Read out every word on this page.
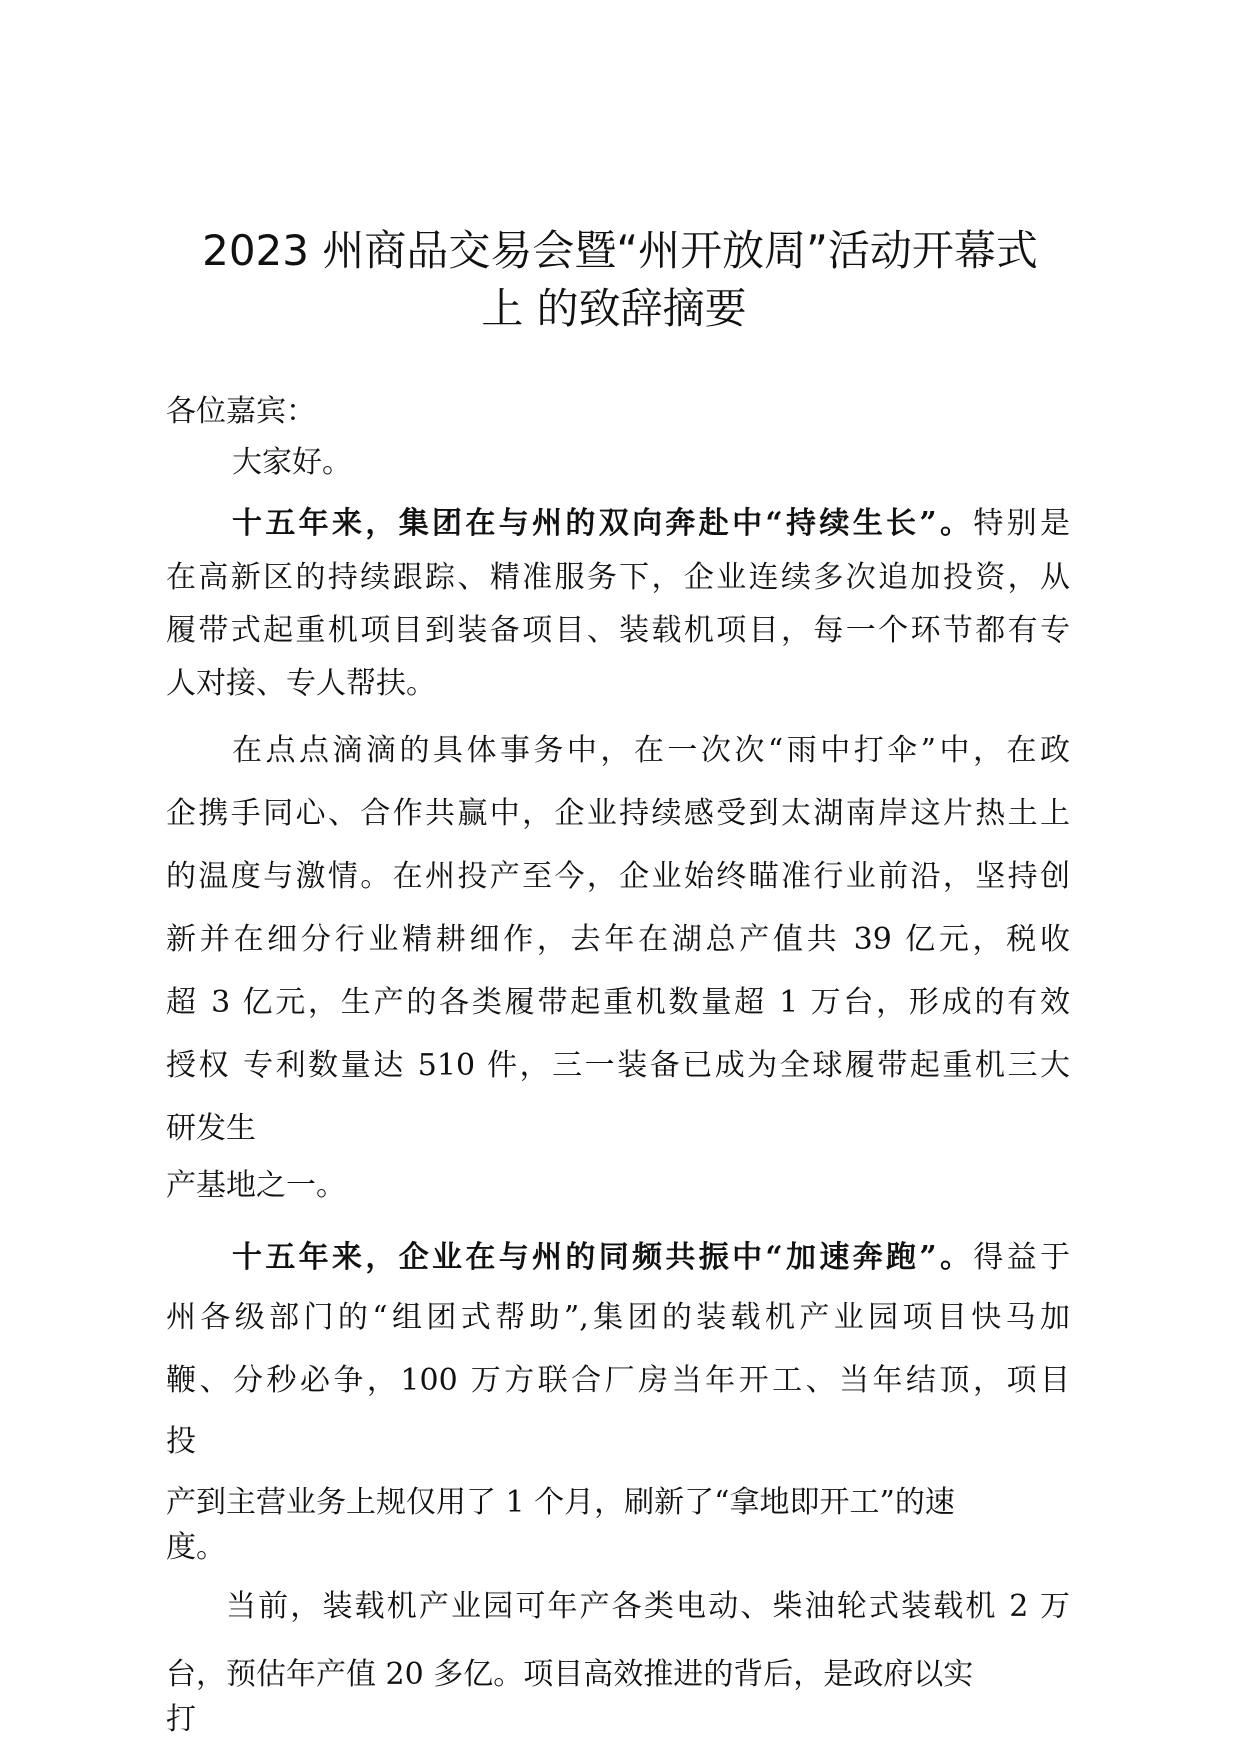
2023 州商品交易会暨“州开放周”活动开幕式
上 的致辞摘要

各位嘉宾：

大家好。

十五年来，集团在与州的双向奔赴中“持续生长”。特别是

在高新区的持续跟踪、精准服务下，企业连续多次追加投资，从

履带式起重机项目到装备项目、装载机项目，每一个环节都有专

人对接、专人帮扶。

在点点滴滴的具体事务中，在一次次“雨中打伞”中，在政

企携手同心、合作共赢中，企业持续感受到太湖南岸这片热土上

的温度与激情。在州投产至今，企业始终瞄准行业前沿，坚持创

新并在细分行业精耕细作，去年在湖总产值共 39 亿元，税收

超 3 亿元，生产的各类履带起重机数量超 1 万台，形成的有效

授权 专利数量达 510 件，三一装备已成为全球履带起重机三大

研发生

产基地之一。

十五年来，企业在与州的同频共振中“加速奔跑”。得益于

州各级部门的“组团式帮助”,集团的装载机产业园项目快马加

鞭、分秒必争，100 万方联合厂房当年开工、当年结顶，项目

投

产到主营业务上规仅用了 1 个月，刷新了“拿地即开工”的速

度。

当前，装载机产业园可年产各类电动、柴油轮式装载机 2 万

台，预估年产值 20 多亿。项目高效推进的背后，是政府以实

打
